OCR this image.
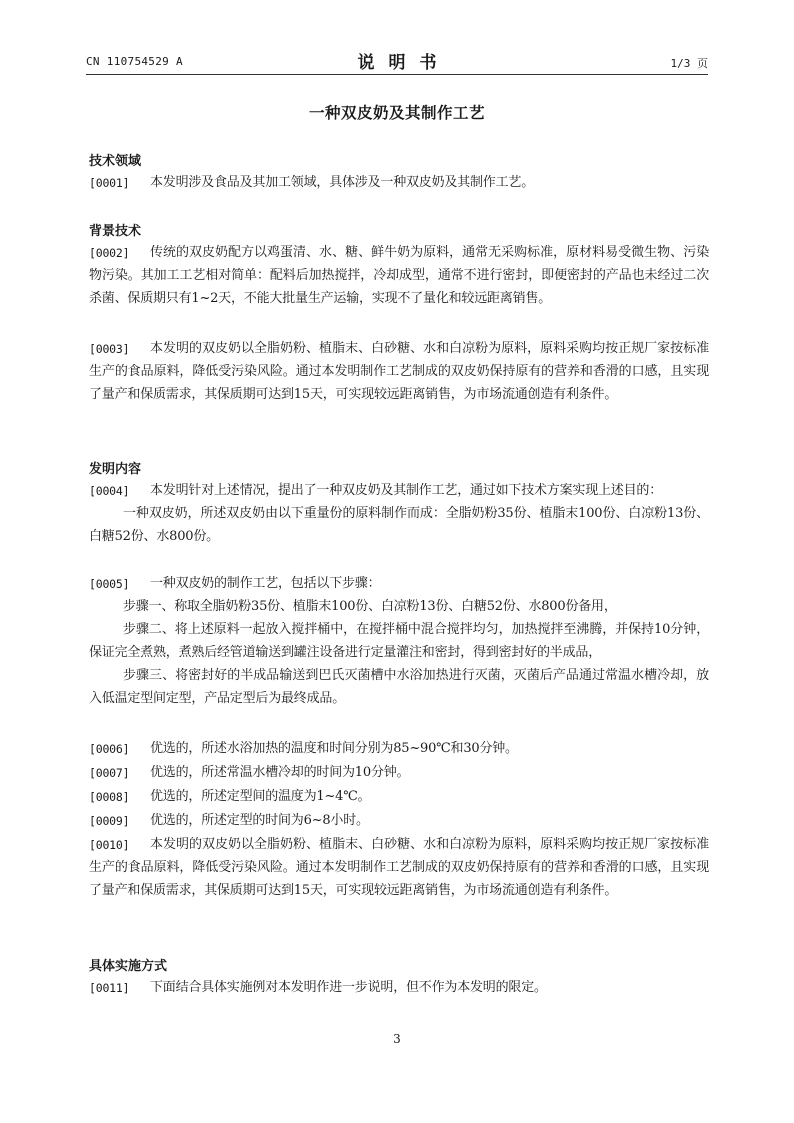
CN 110754529 A	说明书	1/3 页
一种双皮奶及其制作工艺
技术领域
[0001]	本发明涉及食品及其加工领域，具体涉及一种双皮奶及其制作工艺。
背景技术
[0002]	传统的双皮奶配方以鸡蛋清、水、糖、鲜牛奶为原料，通常无采购标准，原材料易受微生物、污染物污染。其加工工艺相对简单：配料后加热搅拌，冷却成型，通常不进行密封，即便密封的产品也未经过二次杀菌、保质期只有1~2天，不能大批量生产运输，实现不了量化和较远距离销售。
[0003]	本发明的双皮奶以全脂奶粉、植脂末、白砂糖、水和白凉粉为原料，原料采购均按正规厂家按标准生产的食品原料，降低受污染风险。通过本发明制作工艺制成的双皮奶保持原有的营养和香滑的口感，且实现了量产和保质需求，其保质期可达到15天，可实现较远距离销售，为市场流通创造有利条件。
发明内容
[0004]	本发明针对上述情况，提出了一种双皮奶及其制作工艺，通过如下技术方案实现上述目的：
一种双皮奶，所述双皮奶由以下重量份的原料制作而成：全脂奶粉35份、植脂末100份、白凉粉13份、白糖52份、水800份。
[0005]	一种双皮奶的制作工艺，包括以下步骤：
步骤一、称取全脂奶粉35份、植脂末100份、白凉粉13份、白糖52份、水800份备用，
步骤二、将上述原料一起放入搅拌桶中，在搅拌桶中混合搅拌均匀，加热搅拌至沸腾，并保持10分钟，保证完全煮熟，煮熟后经管道输送到罐注设备进行定量灌注和密封，得到密封好的半成品，
步骤三、将密封好的半成品输送到巴氏灭菌槽中水浴加热进行灭菌，灭菌后产品通过常温水槽冷却，放入低温定型间定型，产品定型后为最终成品。
[0006]	优选的，所述水浴加热的温度和时间分别为85~90℃和30分钟。
[0007]	优选的，所述常温水槽冷却的时间为10分钟。
[0008]	优选的，所述定型间的温度为1~4℃。
[0009]	优选的，所述定型的时间为6~8小时。
[0010]	本发明的双皮奶以全脂奶粉、植脂末、白砂糖、水和白凉粉为原料，原料采购均按正规厂家按标准生产的食品原料，降低受污染风险。通过本发明制作工艺制成的双皮奶保持原有的营养和香滑的口感，且实现了量产和保质需求，其保质期可达到15天，可实现较远距离销售，为市场流通创造有利条件。
具体实施方式
[0011]	下面结合具体实施例对本发明作进一步说明，但不作为本发明的限定。
3
